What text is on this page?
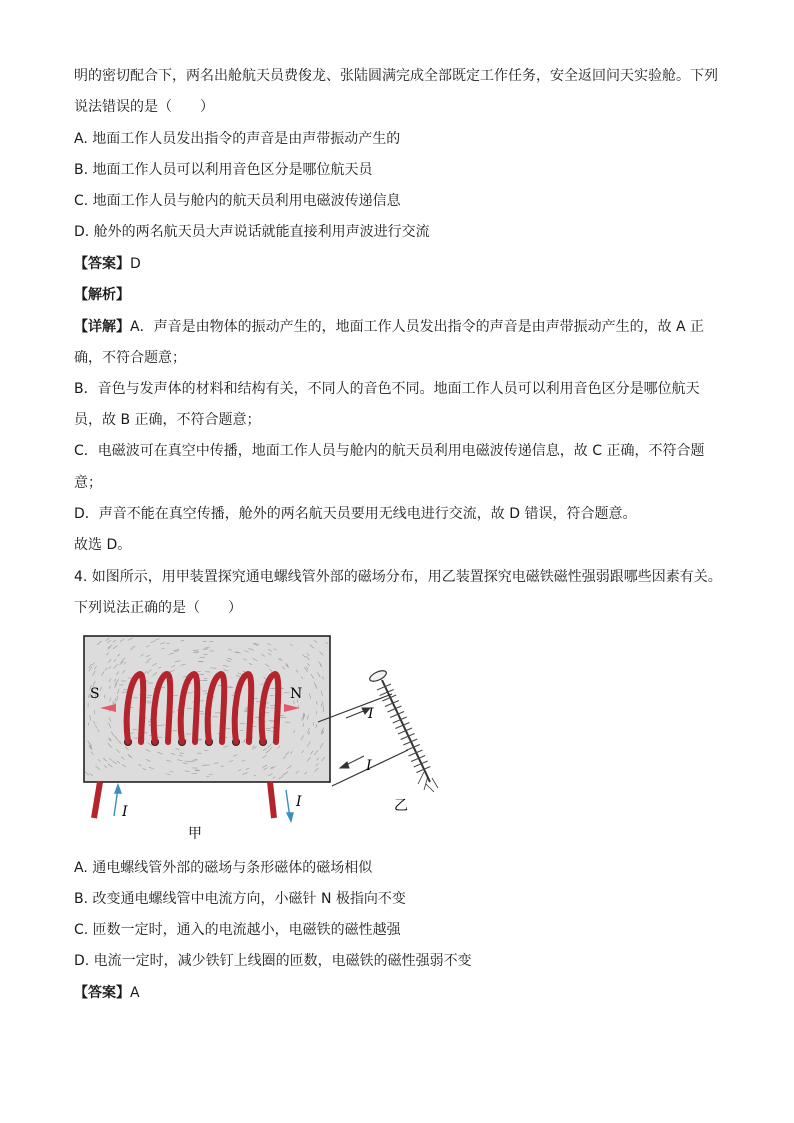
明的密切配合下，两名出舱航天员费俊龙、张陆圆满完成全部既定工作任务，安全返回问天实验舱。下列
说法错误的是（　　）
A. 地面工作人员发出指令的声音是由声带振动产生的
B. 地面工作人员可以利用音色区分是哪位航天员
C. 地面工作人员与舱内的航天员利用电磁波传递信息
D. 舱外的两名航天员大声说话就能直接利用声波进行交流
【答案】D
【解析】
【详解】A．声音是由物体的振动产生的，地面工作人员发出指令的声音是由声带振动产生的，故 A 正
确，不符合题意；
B．音色与发声体的材料和结构有关，不同人的音色不同。地面工作人员可以利用音色区分是哪位航天
员，故 B 正确，不符合题意；
C．电磁波可在真空中传播，地面工作人员与舱内的航天员利用电磁波传递信息，故 C 正确，不符合题
意；
D．声音不能在真空传播，舱外的两名航天员要用无线电进行交流，故 D 错误，符合题意。
故选 D。
4. 如图所示，用甲装置探究通电螺线管外部的磁场分布，用乙装置探究电磁铁磁性强弱跟哪些因素有关。
下列说法正确的是（　　）
S	N
I
I
甲
I
I
乙
A. 通电螺线管外部的磁场与条形磁体的磁场相似
B. 改变通电螺线管中电流方向，小磁针 N 极指向不变
C. 匝数一定时，通入的电流越小，电磁铁的磁性越强
D. 电流一定时，减少铁钉上线圈的匝数，电磁铁的磁性强弱不变
【答案】A
